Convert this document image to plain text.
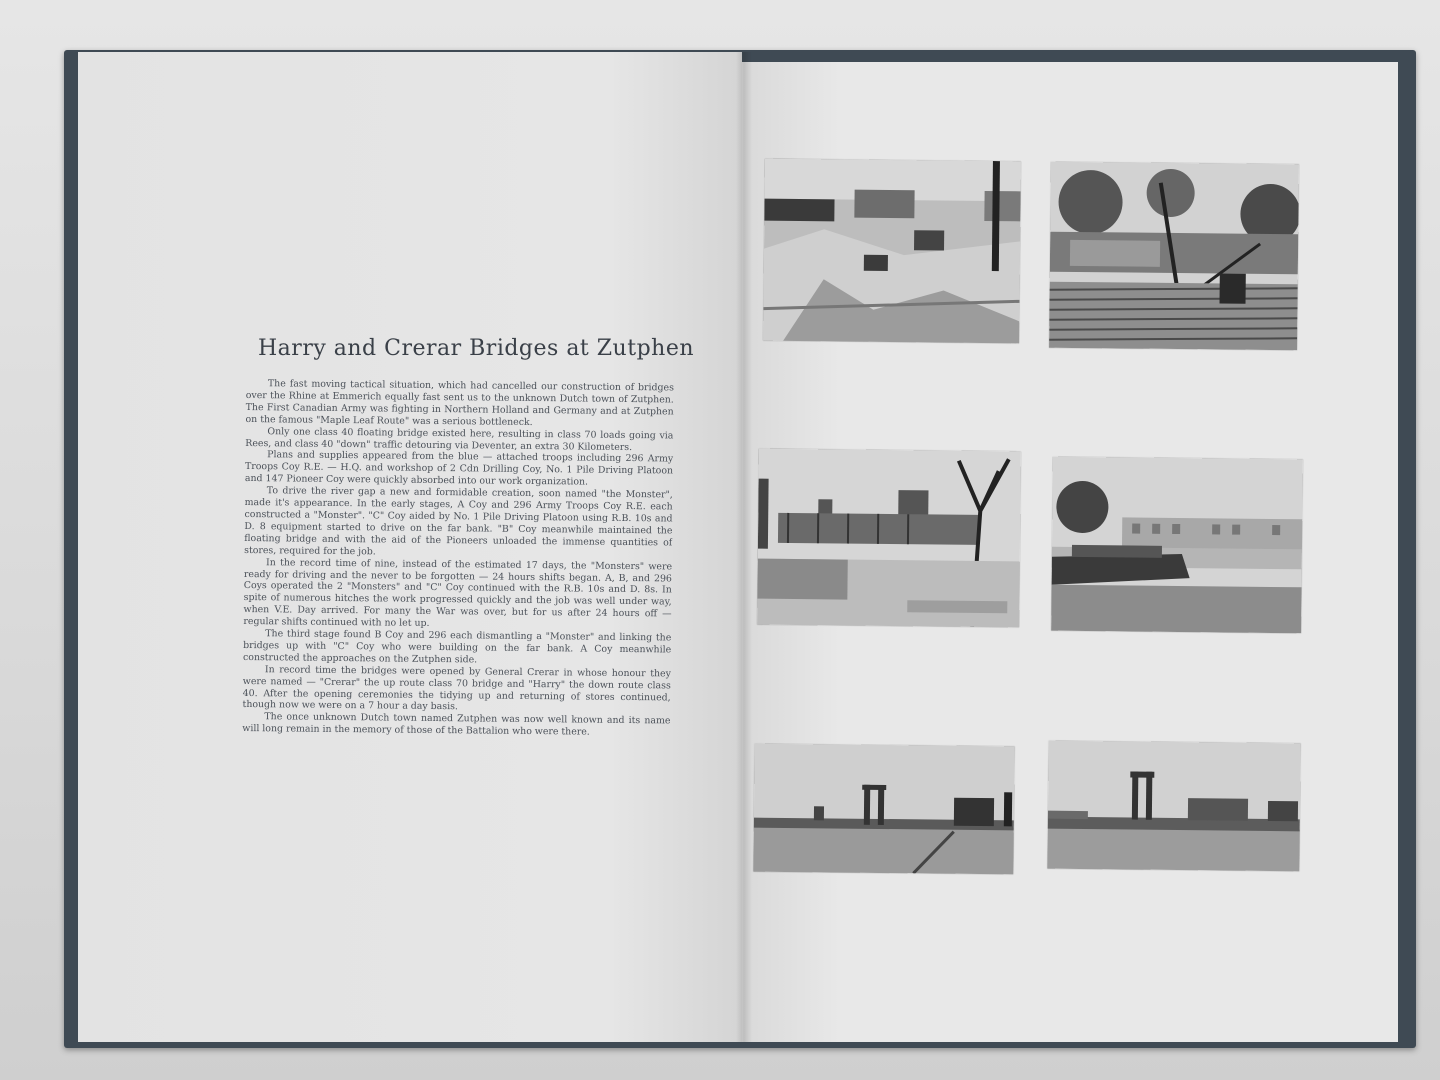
Harry and Crerar Bridges at Zutphen

The fast moving tactical situation, which had cancelled our construction of bridges over the Rhine at Emmerich equally fast sent us to the unknown Dutch town of Zutphen. The First Canadian Army was fighting in Northern Holland and Germany and at Zutphen on the famous "Maple Leaf Route" was a serious bottleneck.

Only one class 40 floating bridge existed here, resulting in class 70 loads going via Rees, and class 40 "down" traffic detouring via Deventer, an extra 30 Kilometers.

Plans and supplies appeared from the blue — attached troops including 296 Army Troops Coy R.E. — H.Q. and workshop of 2 Cdn Drilling Coy, No. 1 Pile Driving Platoon and 147 Pioneer Coy were quickly absorbed into our work organization.

To drive the river gap a new and formidable creation, soon named "the Monster", made it's appearance. In the early stages, A Coy and 296 Army Troops Coy R.E. each constructed a "Monster". "C" Coy aided by No. 1 Pile Driving Platoon using R.B. 10s and D. 8 equipment started to drive on the far bank. "B" Coy meanwhile maintained the floating bridge and with the aid of the Pioneers unloaded the immense quantities of stores, required for the job.

In the record time of nine, instead of the estimated 17 days, the "Monsters" were ready for driving and the never to be forgotten — 24 hours shifts began. A, B, and 296 Coys operated the 2 "Monsters" and "C" Coy continued with the R.B. 10s and D. 8s. In spite of numerous hitches the work progressed quickly and the job was well under way, when V.E. Day arrived. For many the War was over, but for us after 24 hours off — regular shifts continued with no let up.

The third stage found B Coy and 296 each dismantling a "Monster" and linking the bridges up with "C" Coy who were building on the far bank. A Coy meanwhile constructed the approaches on the Zutphen side.

In record time the bridges were opened by General Crerar in whose honour they were named — "Crerar" the up route class 70 bridge and "Harry" the down route class 40. After the opening ceremonies the tidying up and returning of stores continued, though now we were on a 7 hour a day basis.

The once unknown Dutch town named Zutphen was now well known and its name will long remain in the memory of those of the Battalion who were there.
